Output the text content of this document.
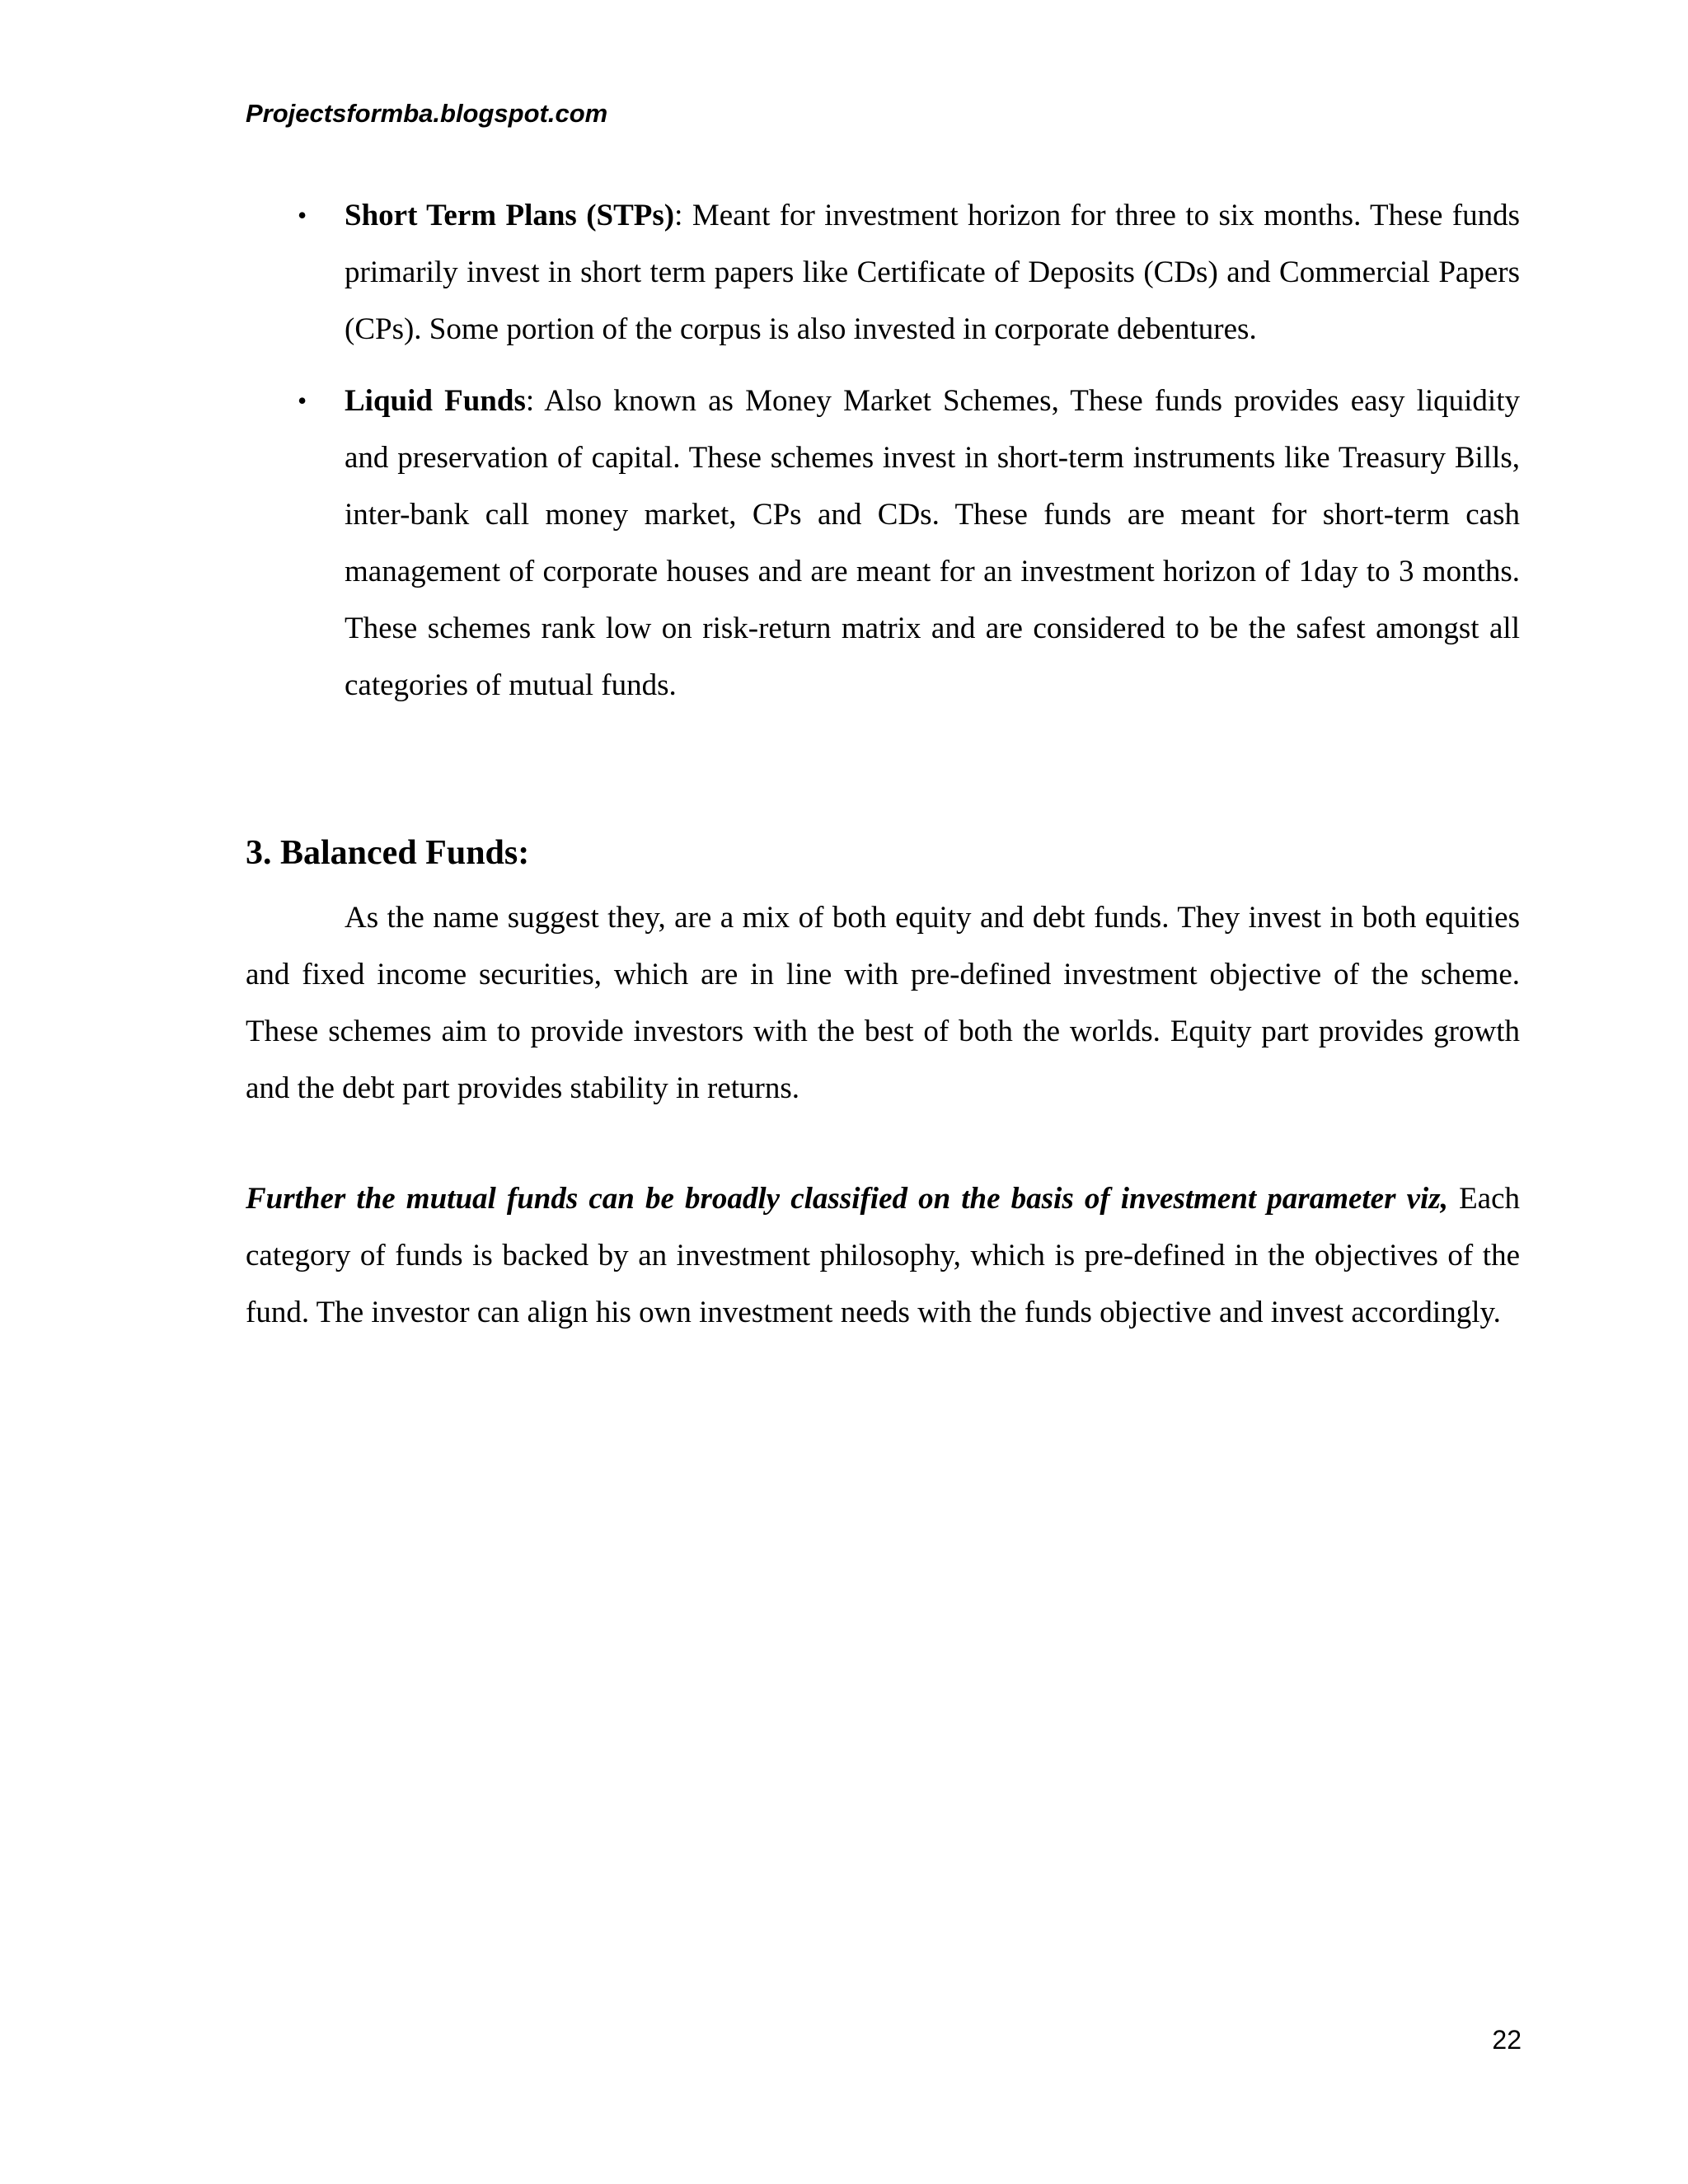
Projectsformba.blogspot.com
• Short Term Plans (STPs): Meant for investment horizon for three to six months. These funds primarily invest in short term papers like Certificate of Deposits (CDs) and Commercial Papers (CPs). Some portion of the corpus is also invested in corporate debentures.
• Liquid Funds: Also known as Money Market Schemes, These funds provides easy liquidity and preservation of capital. These schemes invest in short-term instruments like Treasury Bills, inter-bank call money market, CPs and CDs. These funds are meant for short-term cash management of corporate houses and are meant for an investment horizon of 1day to 3 months. These schemes rank low on risk-return matrix and are considered to be the safest amongst all categories of mutual funds.
3. Balanced Funds:
As the name suggest they, are a mix of both equity and debt funds. They invest in both equities and fixed income securities, which are in line with pre-defined investment objective of the scheme. These schemes aim to provide investors with the best of both the worlds. Equity part provides growth and the debt part provides stability in returns.
Further the mutual funds can be broadly classified on the basis of investment parameter viz, Each category of funds is backed by an investment philosophy, which is pre-defined in the objectives of the fund. The investor can align his own investment needs with the funds objective and invest accordingly.
22
